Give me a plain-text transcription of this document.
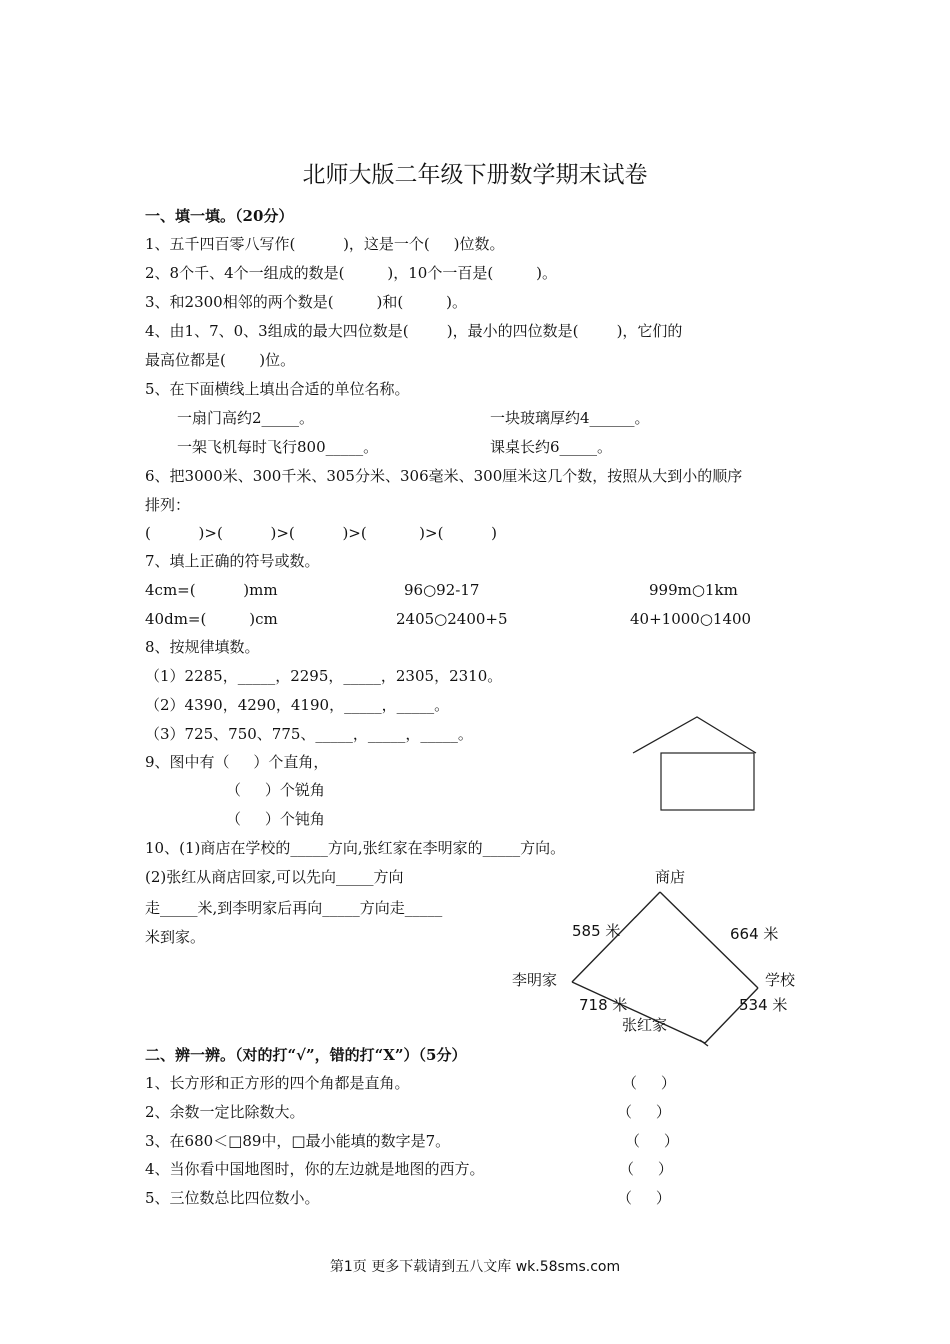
北师大版二年级下册数学期末试卷
一、填一填。（20分）
1、五千四百零八写作(          )，这是一个(     )位数。
2、8个千、4个一组成的数是(         )，10个一百是(         )。
3、和2300相邻的两个数是(         )和(         )。
4、由1、7、0、3组成的最大四位数是(        )，最小的四位数是(        )，它们的
最高位都是(       )位。
5、在下面横线上填出合适的单位名称。
一扇门高约2_____。	一块玻璃厚约4______。
一架飞机每时飞行800_____。	课桌长约6_____。
6、把3000米、300千米、305分米、306毫米、300厘米这几个数，按照从大到小的顺序
排列：
(          )>(          )>(          )>(           )>(          )
7、填上正确的符号或数。
4cm=(          )mm	96○92-17	999m○1km
40dm=(         )cm	2405○2400+5	40+1000○1400
8、按规律填数。
（1）2285，_____，2295，_____，2305，2310。
（2）4390，4290，4190，_____，_____。
（3）725、750、775、_____，_____，_____。
9、图中有（     ）个直角，
（     ）个锐角
（     ）个钝角
10、(1)商店在学校的_____方向,张红家在李明家的_____方向。
(2)张红从商店回家,可以先向_____方向
走_____米,到李明家后再向_____方向走_____
米到家。
商店
学校
李明家
张红家
585 米	664 米
718 米	534 米
二、辨一辨。（对的打“√”，错的打“X”）（5分）
1、长方形和正方形的四个角都是直角。	（     ）
2、余数一定比除数大。	（     ）
3、在680＜□89中，□最小能填的数字是7。	（     ）
4、当你看中国地图时，你的左边就是地图的西方。	（     ）
5、三位数总比四位数小。	（     ）
第1页 更多下载请到五八文库 wk.58sms.com
